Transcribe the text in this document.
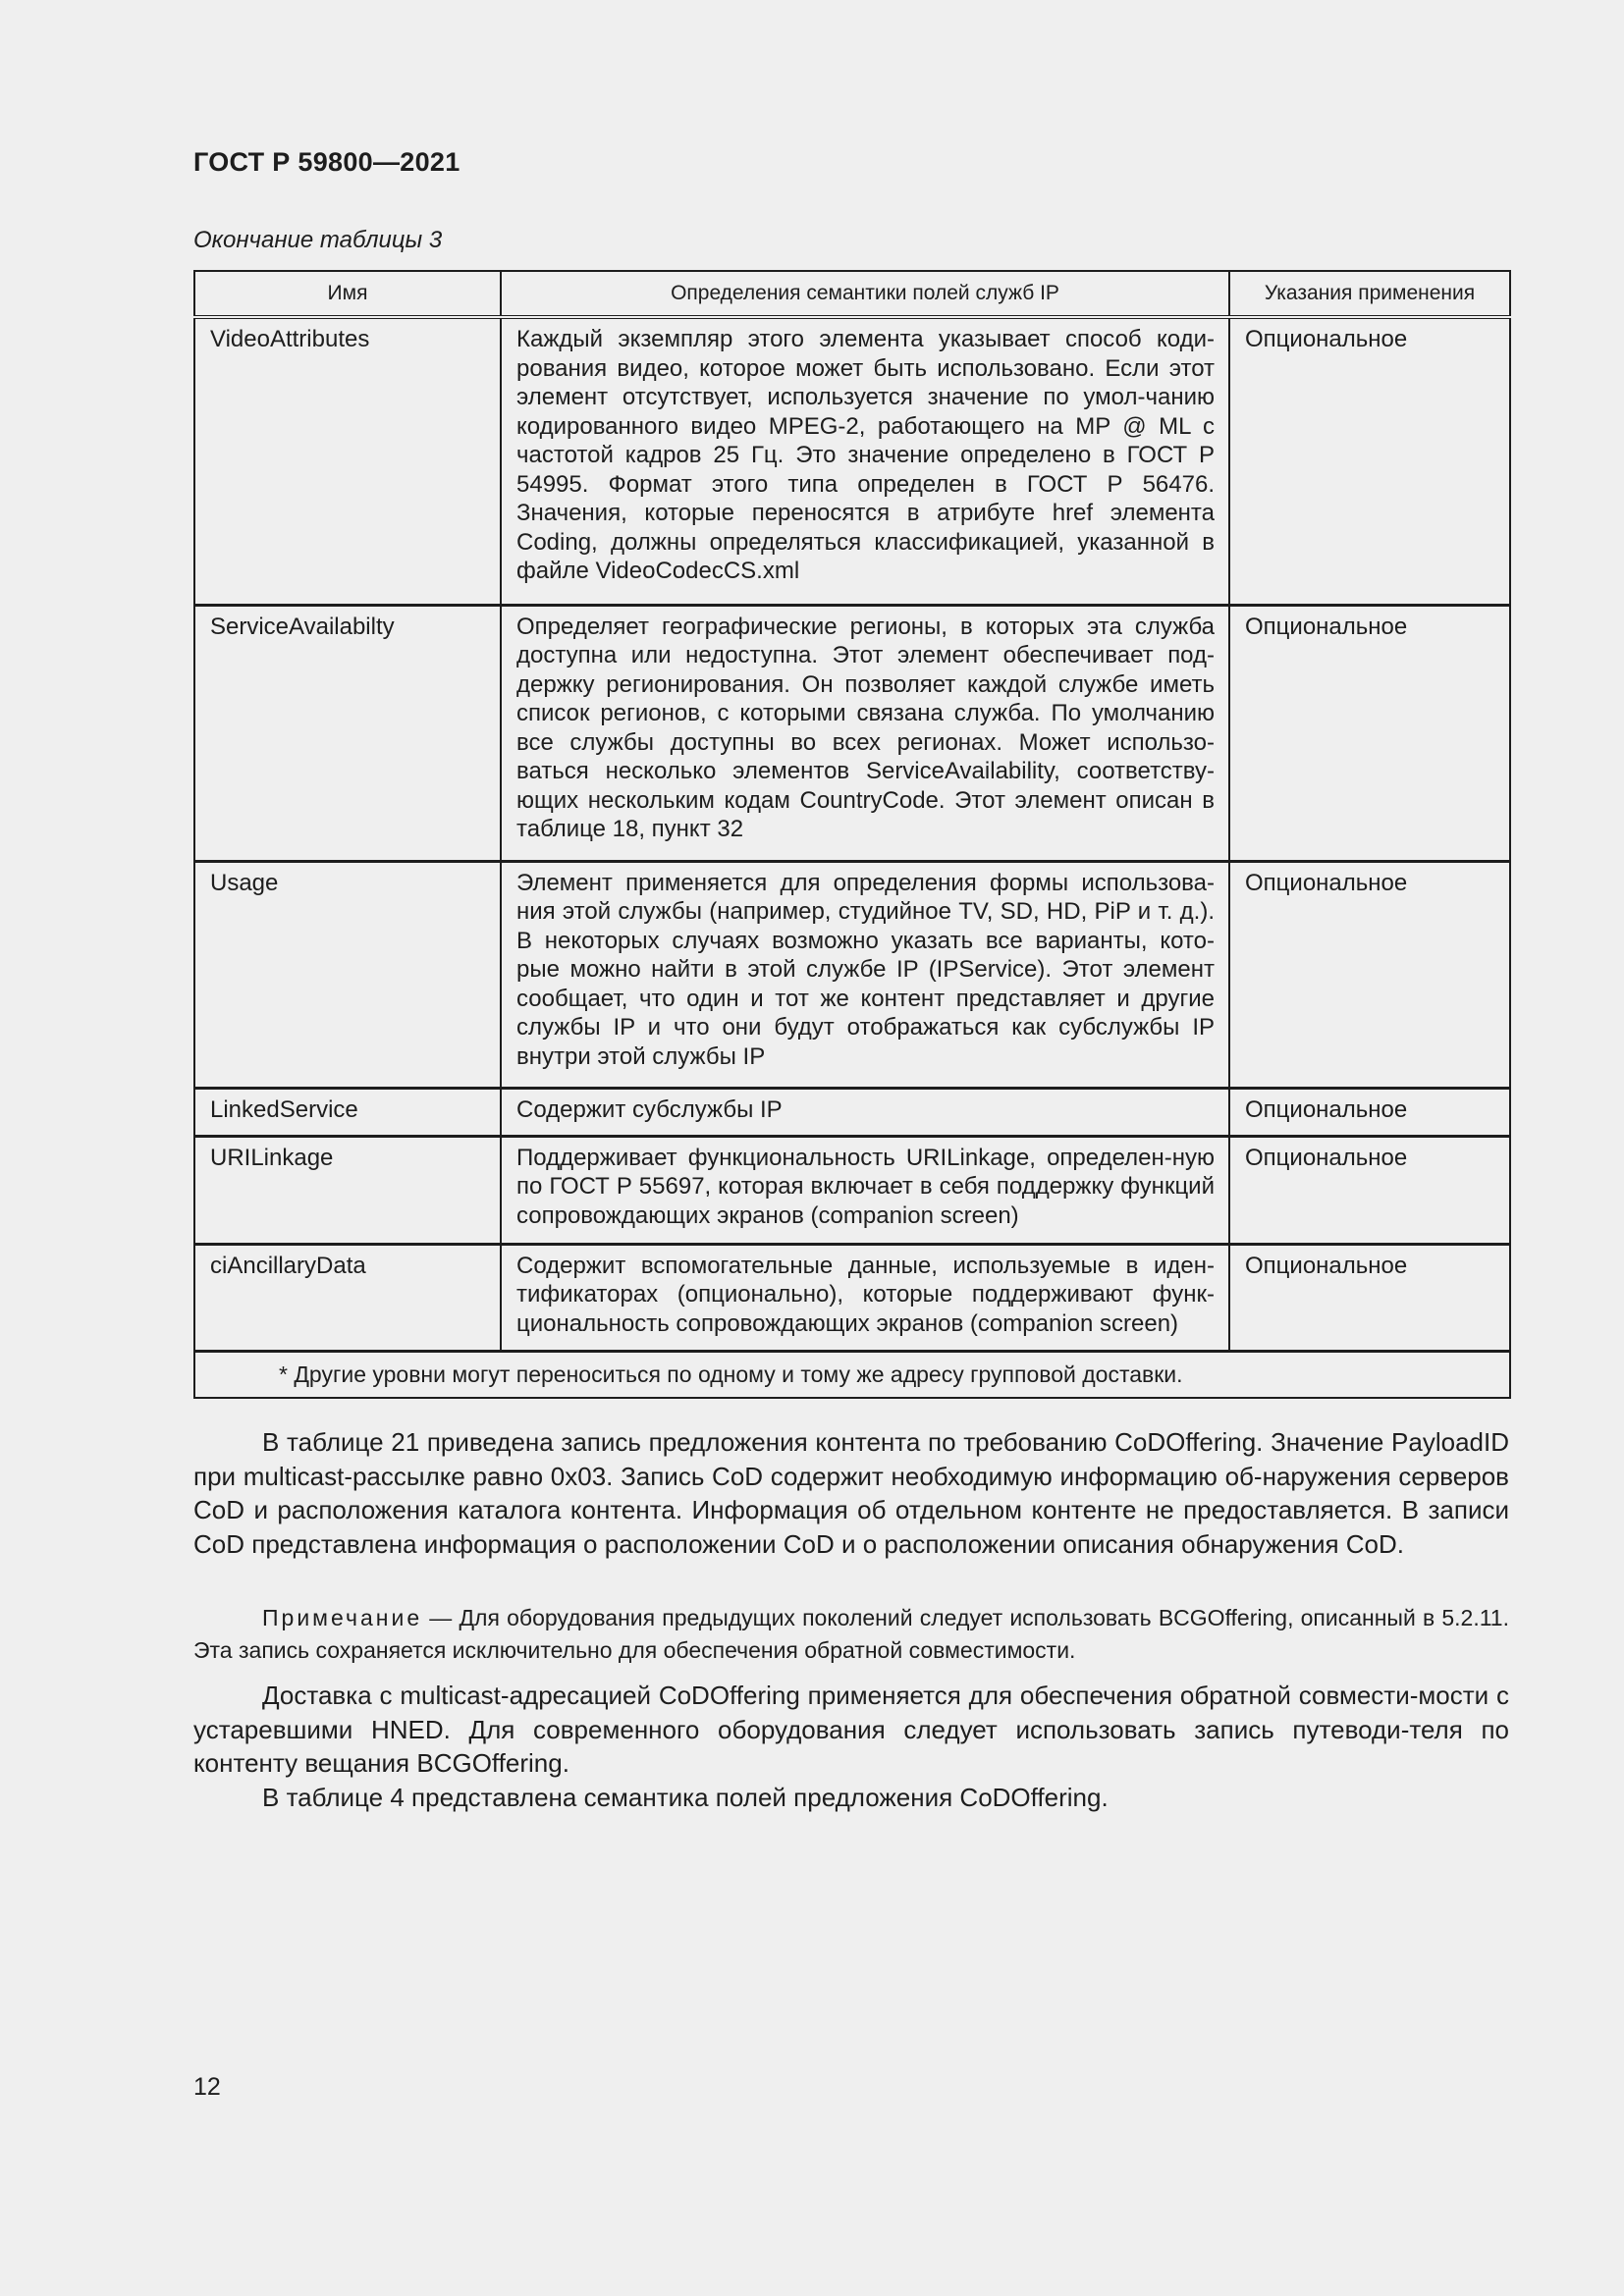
ГОСТ Р 59800—2021
Окончание таблицы 3
Имя	Определения семантики полей служб IP	Указания применения
VideoAttributes	Каждый экземпляр этого элемента указывает способ коди-рования видео, которое может быть использовано. Если этот элемент отсутствует, используется значение по умол-чанию кодированного видео MPEG-2, работающего на MP @ ML с частотой кадров 25 Гц. Это значение определено в ГОСТ Р 54995. Формат этого типа определен в ГОСТ Р 56476. Значения, которые переносятся в атрибуте href элемента Coding, должны определяться классификацией, указанной в файле VideoCodecCS.xml	Опциональное
ServiceAvailabilty	Определяет географические регионы, в которых эта служба доступна или недоступна. Этот элемент обеспечивает под-держку регионирования. Он позволяет каждой службе иметь список регионов, с которыми связана служба. По умолчанию все службы доступны во всех регионах. Может использо-ваться несколько элементов ServiceAvailability, соответству-ющих нескольким кодам CountryCode. Этот элемент описан в таблице 18, пункт 32	Опциональное
Usage	Элемент применяется для определения формы использова-ния этой службы (например, студийное TV, SD, HD, PiP и т. д.). В некоторых случаях возможно указать все варианты, кото-рые можно найти в этой службе IP (IPService). Этот элемент сообщает, что один и тот же контент представляет и другие службы IP и что они будут отображаться как субслужбы IP внутри этой службы IP	Опциональное
LinkedService	Содержит субслужбы IP	Опциональное
URILinkage	Поддерживает функциональность URILinkage, определен-ную по ГОСТ Р 55697, которая включает в себя поддержку функций сопровождающих экранов (companion screen)	Опциональное
ciAncillaryData	Содержит вспомогательные данные, используемые в иден-тификаторах (опционально), которые поддерживают функ-циональность сопровождающих экранов (companion screen)	Опциональное
* Другие уровни могут переноситься по одному и тому же адресу групповой доставки.		
В таблице 21 приведена запись предложения контента по требованию CoDOffering. Значение PayloadID при multicast-рассылке равно 0x03. Запись CoD содержит необходимую информацию об-наружения серверов CoD и расположения каталога контента. Информация об отдельном контенте не предоставляется. В записи CoD представлена информация о расположении CoD и о расположении описания обнаружения CoD.
Примечание — Для оборудования предыдущих поколений следует использовать BCGOffering, описанный в 5.2.11. Эта запись сохраняется исключительно для обеспечения обратной совместимости.
Доставка с multicast-адресацией CoDOffering применяется для обеспечения обратной совмести-мости с устаревшими HNED. Для современного оборудования следует использовать запись путеводи-теля по контенту вещания BCGOffering.
В таблице 4 представлена семантика полей предложения CoDOffering.
12
